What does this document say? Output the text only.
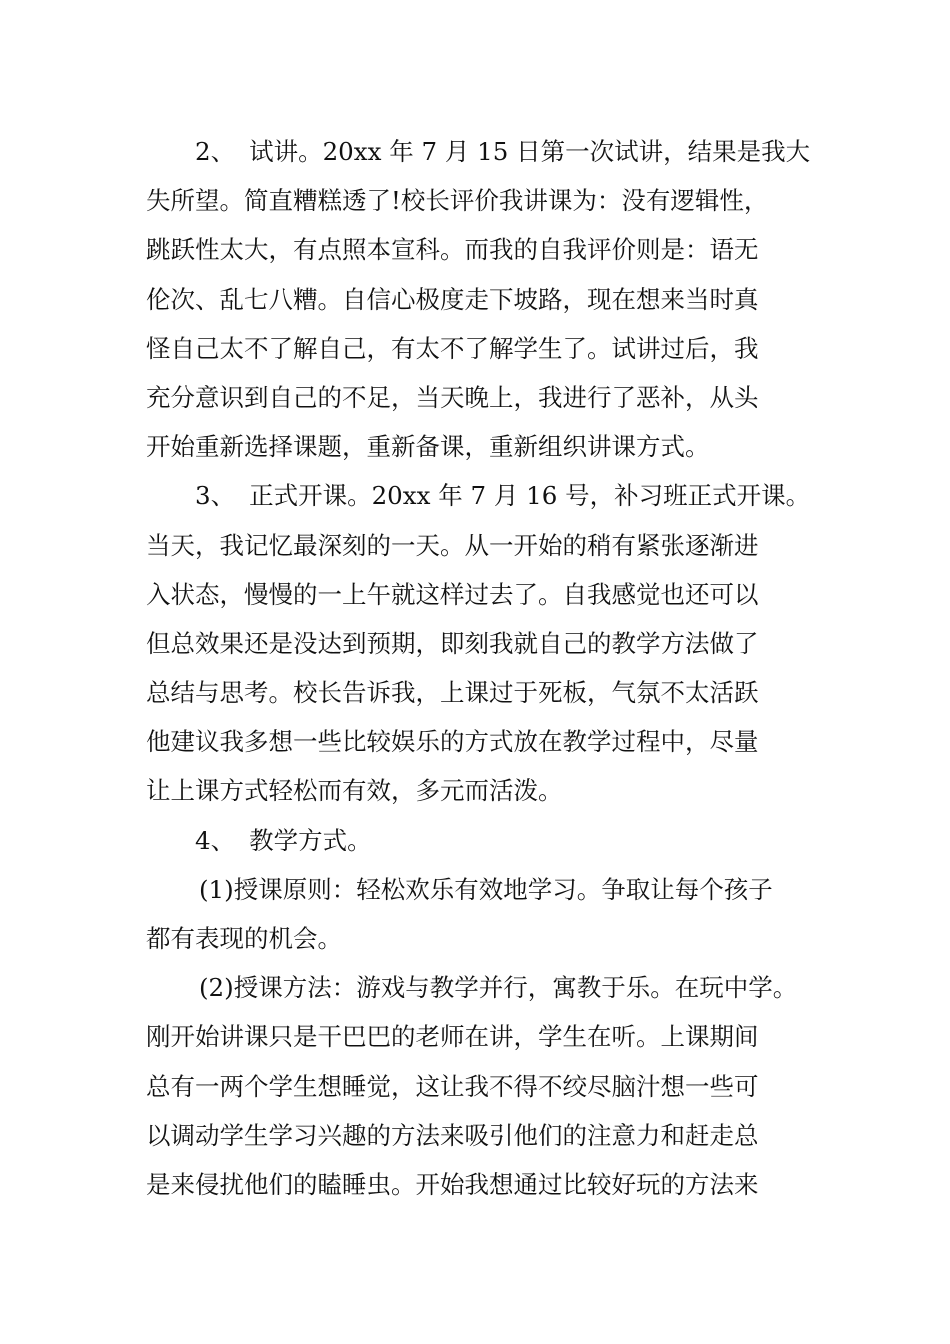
2、 试讲。20xx 年 7 月 15 日第一次试讲，结果是我大
失所望。简直糟糕透了!校长评价我讲课为：没有逻辑性，
跳跃性太大，有点照本宣科。而我的自我评价则是：语无
伦次、乱七八糟。自信心极度走下坡路，现在想来当时真
怪自己太不了解自己，有太不了解学生了。试讲过后，我
充分意识到自己的不足，当天晚上，我进行了恶补，从头
开始重新选择课题，重新备课，重新组织讲课方式。
3、 正式开课。20xx 年 7 月 16 号，补习班正式开课。
当天，我记忆最深刻的一天。从一开始的稍有紧张逐渐进
入状态，慢慢的一上午就这样过去了。自我感觉也还可以
但总效果还是没达到预期，即刻我就自己的教学方法做了
总结与思考。校长告诉我，上课过于死板，气氛不太活跃
他建议我多想一些比较娱乐的方式放在教学过程中，尽量
让上课方式轻松而有效，多元而活泼。
4、 教学方式。
(1)授课原则：轻松欢乐有效地学习。争取让每个孩子
都有表现的机会。
(2)授课方法：游戏与教学并行，寓教于乐。在玩中学。
刚开始讲课只是干巴巴的老师在讲，学生在听。上课期间
总有一两个学生想睡觉，这让我不得不绞尽脑汁想一些可
以调动学生学习兴趣的方法来吸引他们的注意力和赶走总
是来侵扰他们的瞌睡虫。开始我想通过比较好玩的方法来
